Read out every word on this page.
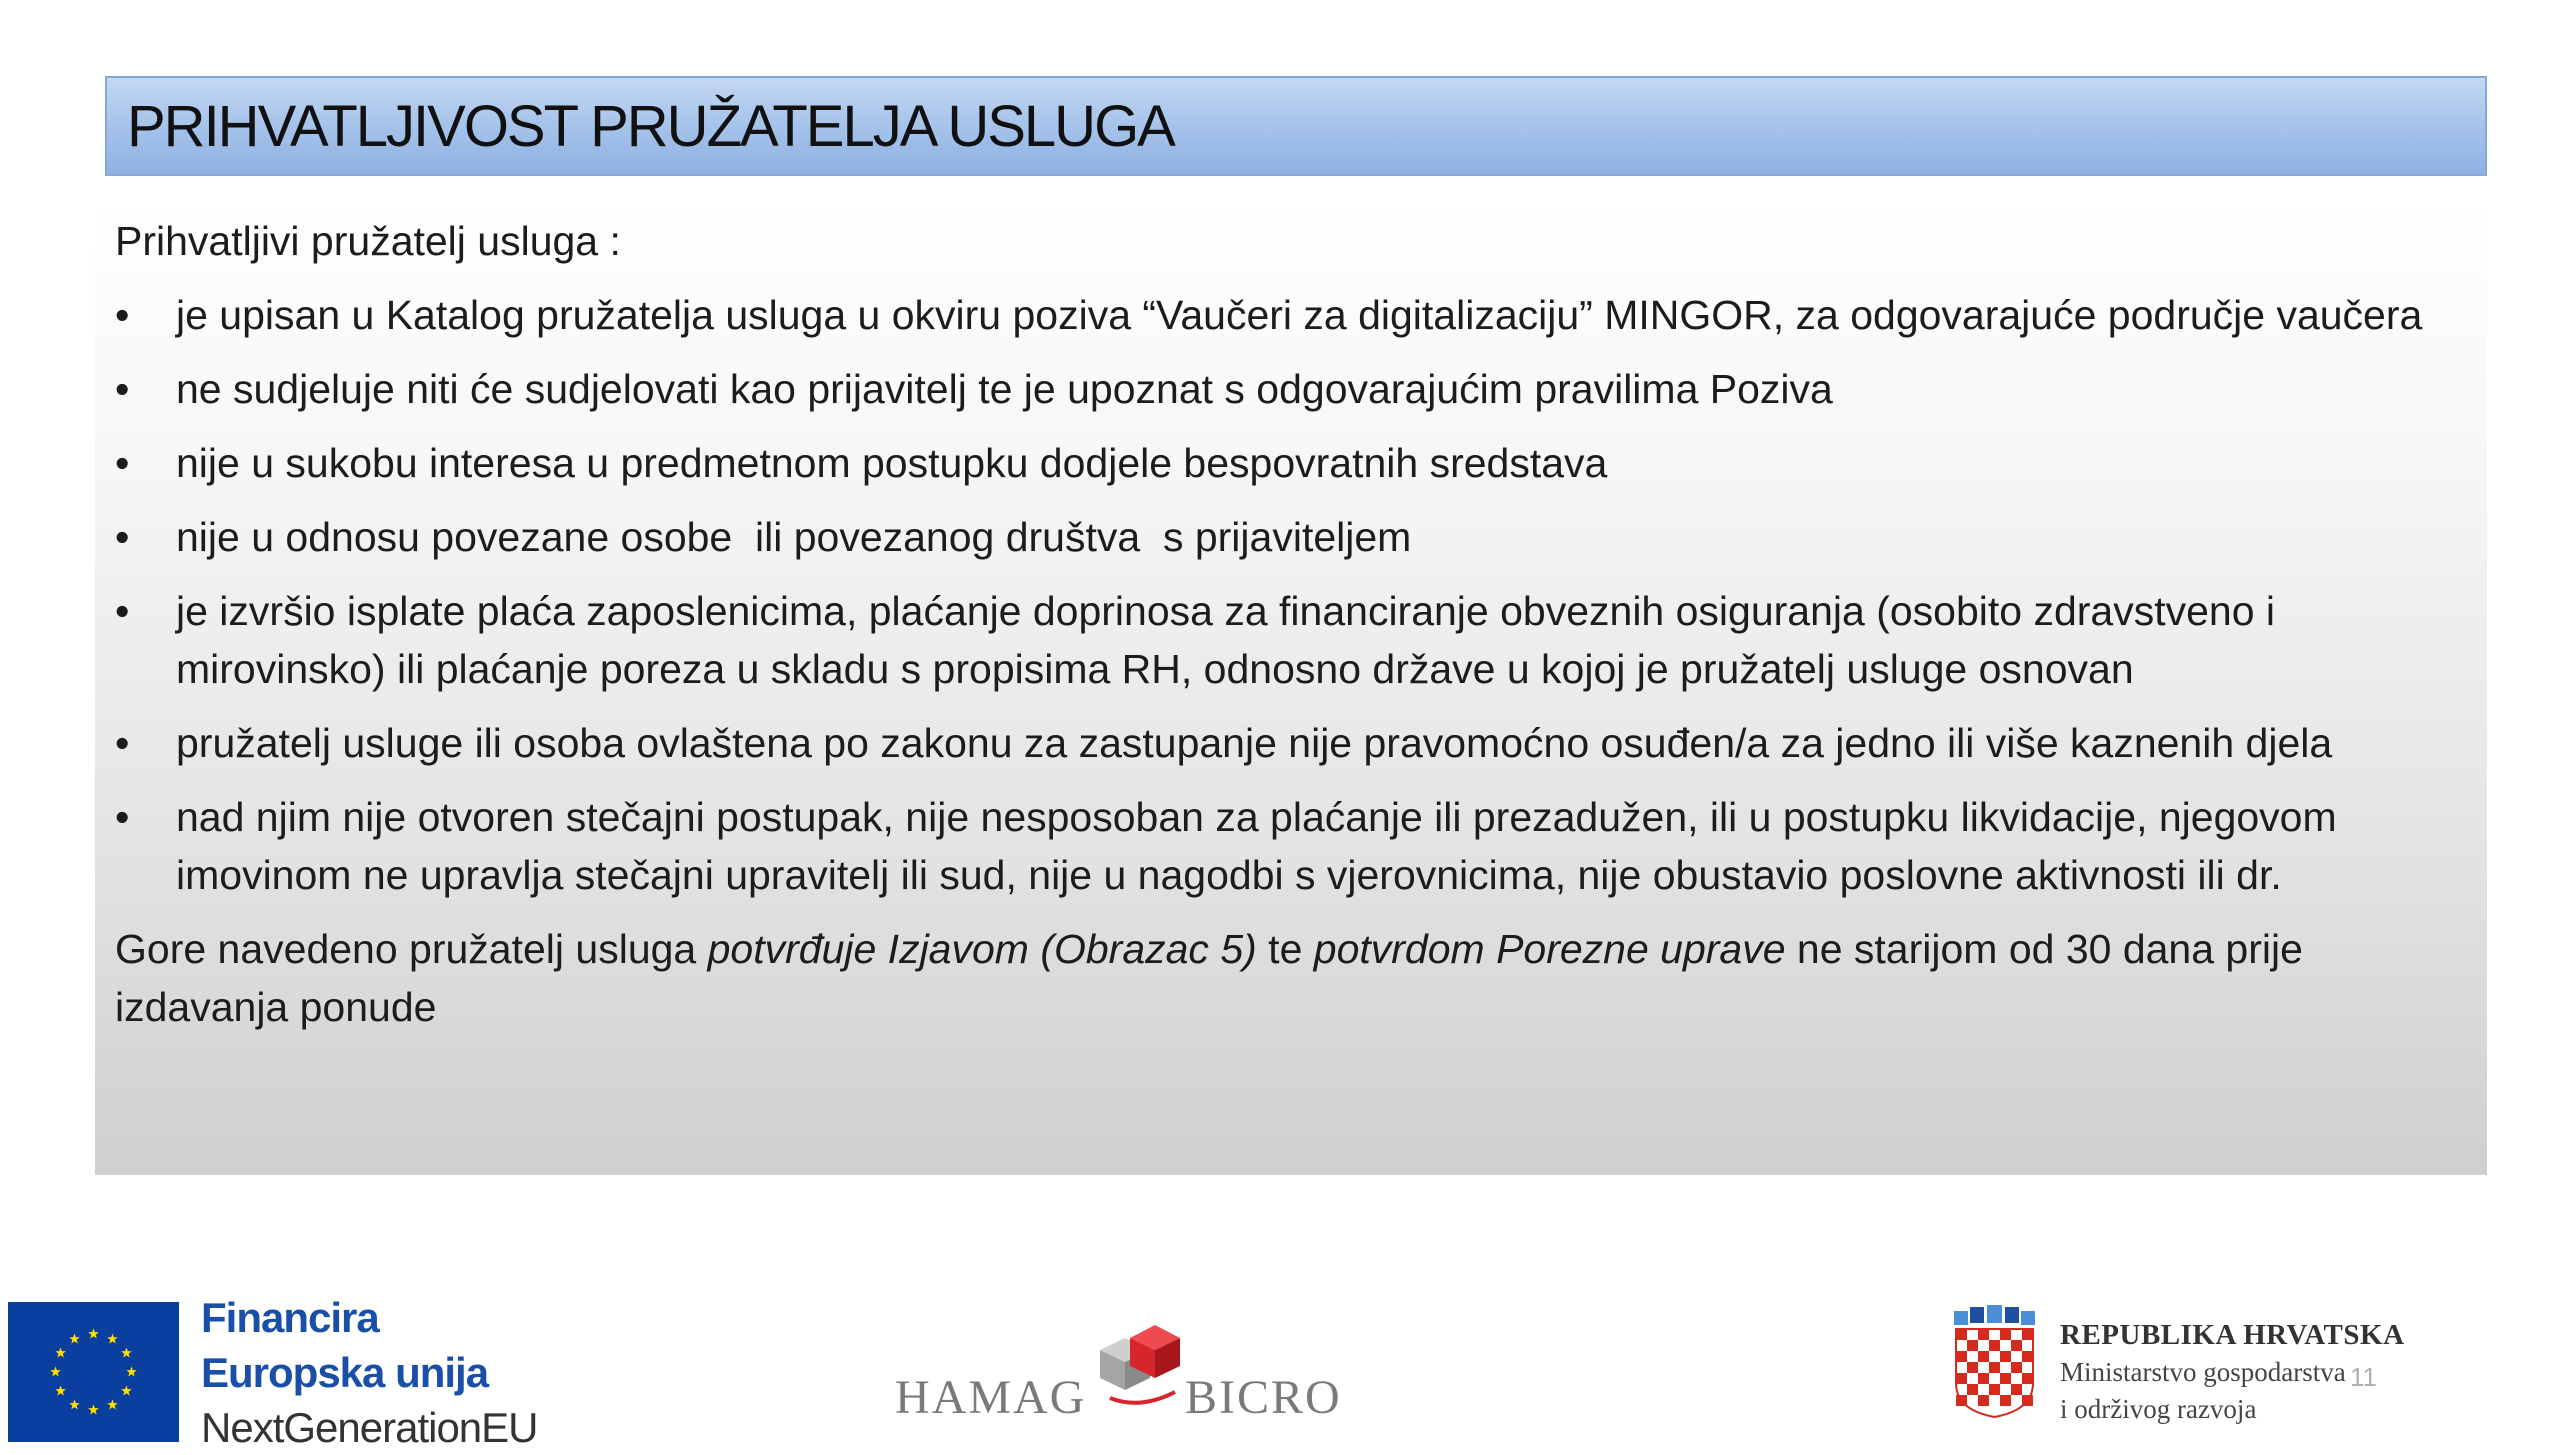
PRIHVATLJIVOST PRUŽATELJA USLUGA

Prihvatljivi pružatelj usluga :

•	je upisan u Katalog pružatelja usluga u okviru poziva “Vaučeri za digitalizaciju” MINGOR, za odgovarajuće područje vaučera
•	ne sudjeluje niti će sudjelovati kao prijavitelj te je upoznat s odgovarajućim pravilima Poziva
•	nije u sukobu interesa u predmetnom postupku dodjele bespovratnih sredstava
•	nije u odnosu povezane osobe  ili povezanog društva  s prijaviteljem
•	je izvršio isplate plaća zaposlenicima, plaćanje doprinosa za financiranje obveznih osiguranja (osobito zdravstveno i mirovinsko) ili plaćanje poreza u skladu s propisima RH, odnosno države u kojoj je pružatelj usluge osnovan
•	pružatelj usluge ili osoba ovlaštena po zakonu za zastupanje nije pravomoćno osuđen/a za jedno ili više kaznenih djela
•	nad njim nije otvoren stečajni postupak, nije nesposoban za plaćanje ili prezadužen, ili u postupku likvidacije, njegovom imovinom ne upravlja stečajni upravitelj ili sud, nije u nagodbi s vjerovnicima, nije obustavio poslovne aktivnosti ili dr.

Gore navedeno pružatelj usluga potvrđuje Izjavom (Obrazac 5) te potvrdom Porezne uprave ne starijom od 30 dana prije izdavanja ponude

Financira
Europska unija
NextGenerationEU
HAMAG BICRO
REPUBLIKA HRVATSKA
Ministarstvo gospodarstva
i održivog razvoja
11
